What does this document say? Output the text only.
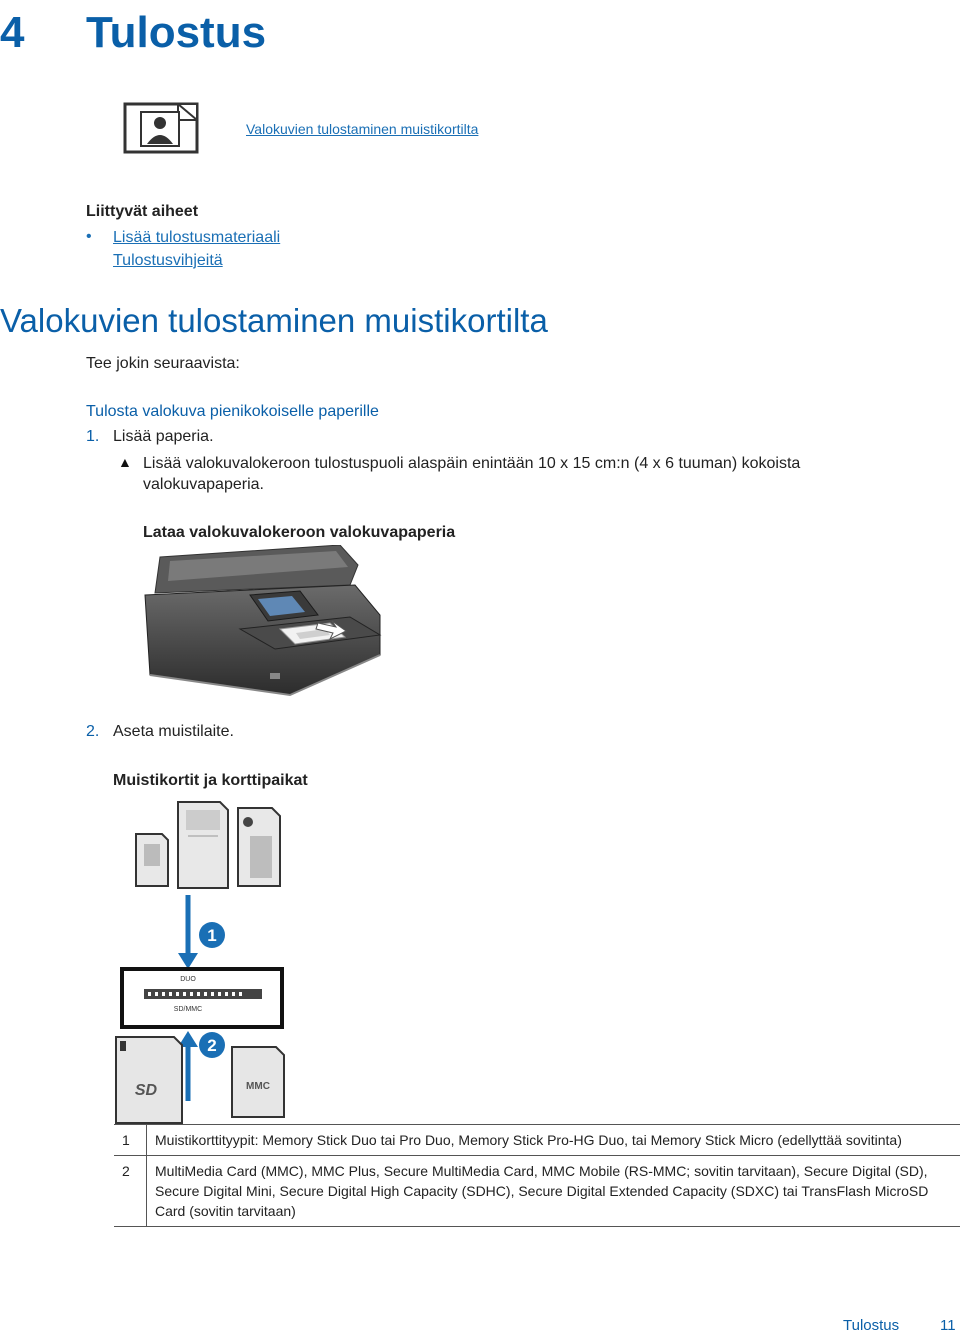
4 Tulostus
Valokuvien tulostaminen muistikortilta
Liittyvät aiheet
• Lisää tulostusmateriaali
Tulostusvihjeitä
Valokuvien tulostaminen muistikortilta
Tee jokin seuraavista:
Tulosta valokuva pienikokoiselle paperille
1. Lisää paperia.
▲ Lisää valokuvalokeroon tulostuspuoli alaspäin enintään 10 x 15 cm:n (4 x 6 tuuman) kokoista valokuvapaperia.
Lataa valokuvalokeroon valokuvapaperia
2. Aseta muistilaite.
Muistikortit ja korttipaikat
1
DUO
SD/MMC
2
SD	MMC
1	Muistikorttityypit: Memory Stick Duo tai Pro Duo, Memory Stick Pro-HG Duo, tai Memory Stick Micro (edellyttää sovitinta)
2	MultiMedia Card (MMC), MMC Plus, Secure MultiMedia Card, MMC Mobile (RS-MMC; sovitin tarvitaan), Secure Digital (SD), Secure Digital Mini, Secure Digital High Capacity (SDHC), Secure Digital Extended Capacity (SDXC) tai TransFlash MicroSD Card (sovitin tarvitaan)
Tulostus	11
